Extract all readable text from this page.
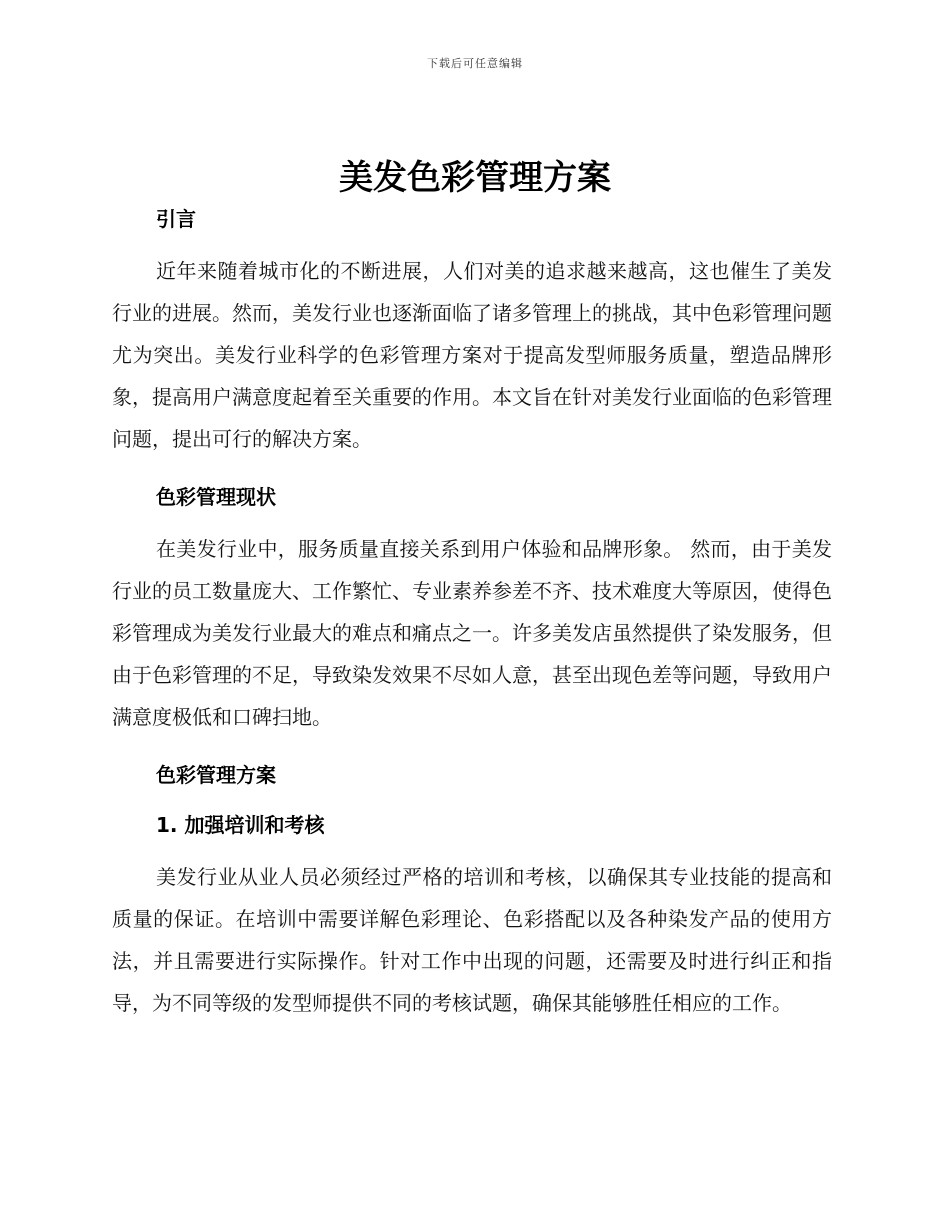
下载后可任意编辑
美发色彩管理方案
引言

近年来随着城市化的不断进展，人们对美的追求越来越高，这也催生了美发行业的进展。然而，美发行业也逐渐面临了诸多管理上的挑战，其中色彩管理问题尤为突出。美发行业科学的色彩管理方案对于提高发型师服务质量，塑造品牌形象，提高用户满意度起着至关重要的作用。本文旨在针对美发行业面临的色彩管理问题，提出可行的解决方案。

色彩管理现状

在美发行业中，服务质量直接关系到用户体验和品牌形象。 然而，由于美发行业的员工数量庞大、工作繁忙、专业素养参差不齐、技术难度大等原因，使得色彩管理成为美发行业最大的难点和痛点之一。许多美发店虽然提供了染发服务，但由于色彩管理的不足，导致染发效果不尽如人意，甚至出现色差等问题，导致用户满意度极低和口碑扫地。

色彩管理方案
1. 加强培训和考核

美发行业从业人员必须经过严格的培训和考核，以确保其专业技能的提高和质量的保证。在培训中需要详解色彩理论、色彩搭配以及各种染发产品的使用方法，并且需要进行实际操作。针对工作中出现的问题，还需要及时进行纠正和指导，为不同等级的发型师提供不同的考核试题，确保其能够胜任相应的工作。
